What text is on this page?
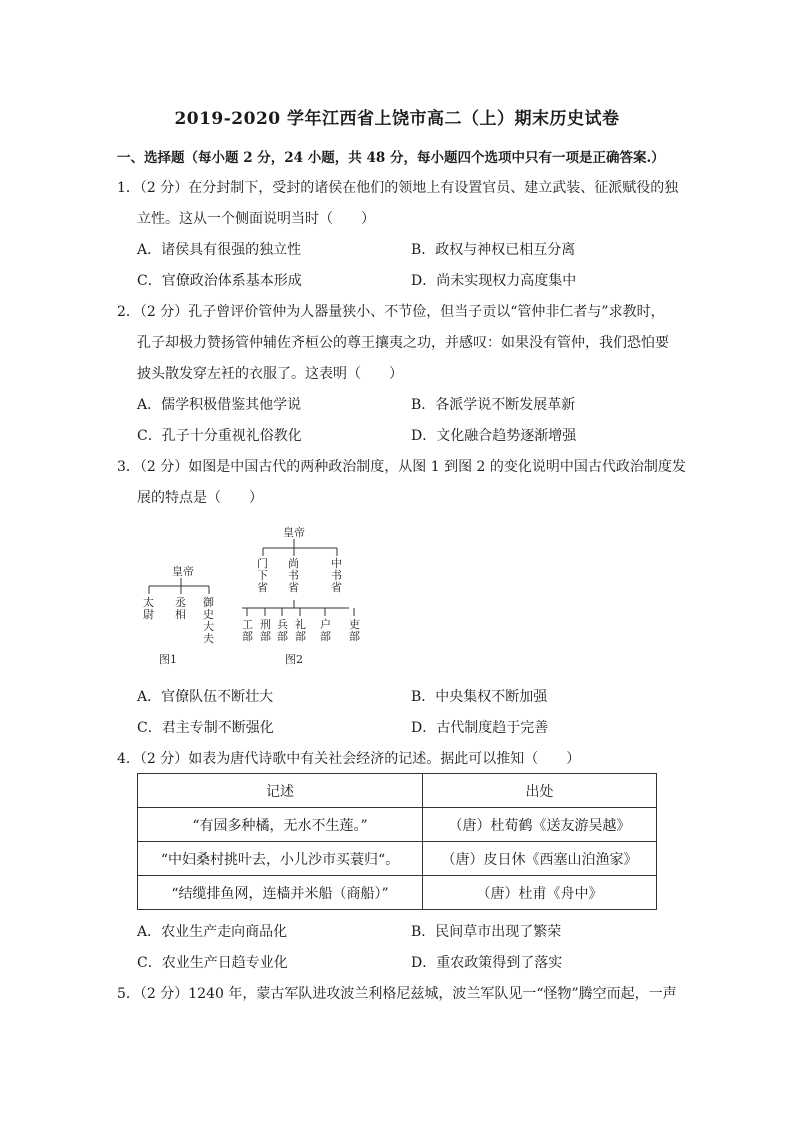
2019-2020 学年江西省上饶市高二（上）期末历史试卷
一、选择题（每小题 2 分，24 小题，共 48 分，每小题四个选项中只有一项是正确答案.）
1．（2 分）在分封制下，受封的诸侯在他们的领地上有设置官员、建立武装、征派赋役的独
立性。这从一个侧面说明当时（　　）
A．诸侯具有很强的独立性	B．政权与神权已相互分离
C．官僚政治体系基本形成	D．尚未实现权力高度集中
2．（2 分）孔子曾评价管仲为人器量狭小、不节俭，但当子贡以“管仲非仁者与”求教时，
孔子却极力赞扬管仲辅佐齐桓公的尊王攘夷之功，并感叹：如果没有管仲，我们恐怕要
披头散发穿左衽的衣服了。这表明（　　）
A．儒学积极借鉴其他学说	B．各派学说不断发展革新
C．孔子十分重视礼俗教化	D．文化融合趋势逐渐增强
3．（2 分）如图是中国古代的两种政治制度，从图 1 到图 2 的变化说明中国古代政治制度发
展的特点是（　　）
皇帝
太尉
丞相
御史大夫
图1
皇帝
门下省
尚书省
中书省
工部
刑部
兵部
礼部
户部
吏部
图2
A．官僚队伍不断壮大	B．中央集权不断加强
C．君主专制不断强化	D．古代制度趋于完善
4．（2 分）如表为唐代诗歌中有关社会经济的记述。据此可以推知（　　）
记述	出处
“有园多种橘，无水不生莲。”	（唐）杜荀鹤《送友游吴越》
“中妇桑村挑叶去，小儿沙市买蓑归“。	（唐）皮日休《西塞山泊渔家》
“结缆排鱼网，连樯并米船（商船）”	（唐）杜甫《舟中》
A．农业生产走向商品化	B．民间草市出现了繁荣
C．农业生产日趋专业化	D．重农政策得到了落实
5．（2 分）1240 年，蒙古军队进攻波兰利格尼兹城，波兰军队见一“怪物”腾空而起，一声
